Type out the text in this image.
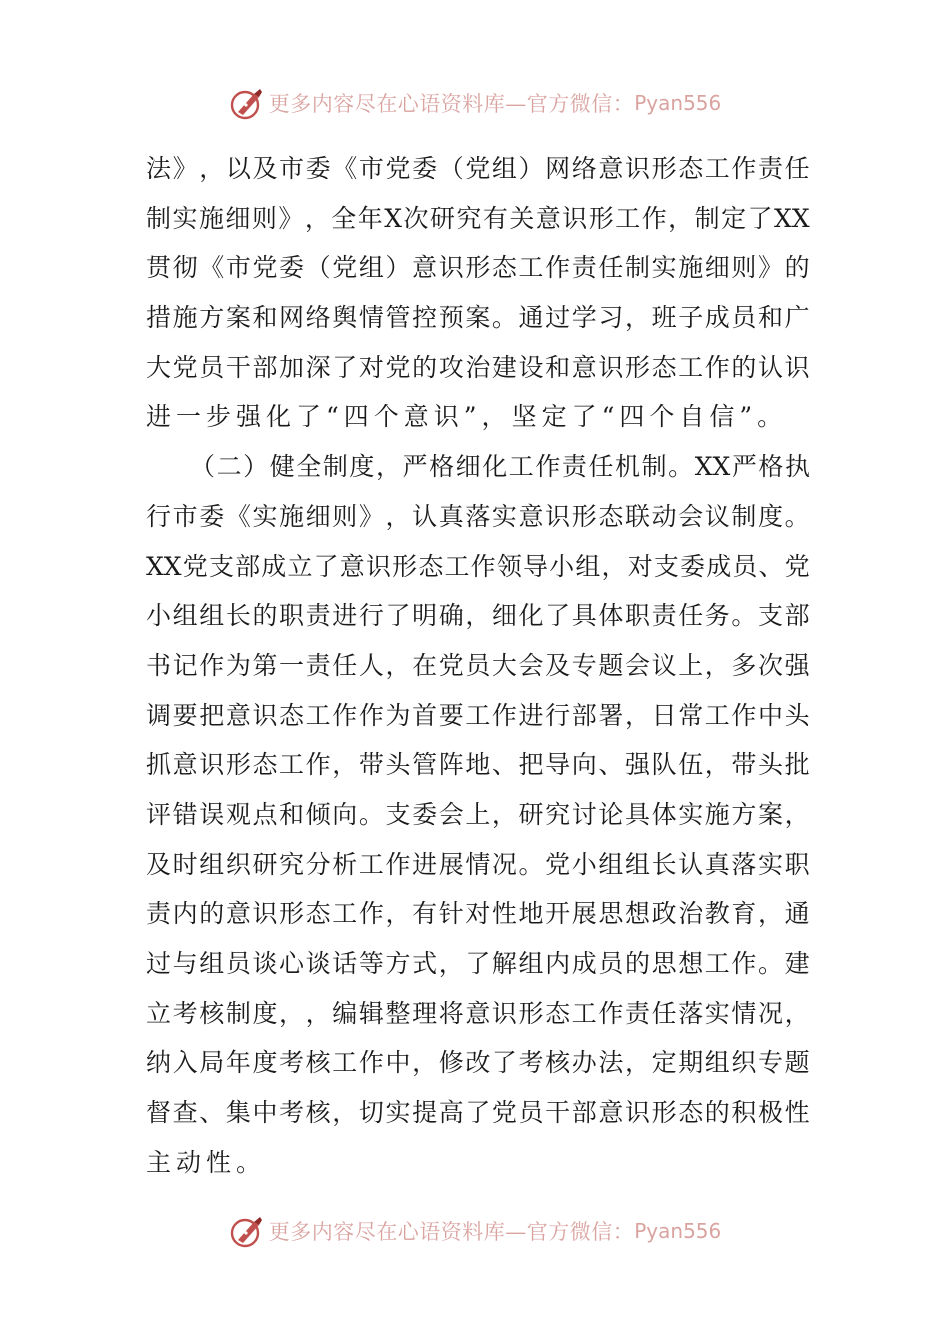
更多内容尽在心语资料库—官方微信： Pyan556
法 》 ， 以 及 市 委 《 市 党 委 （ 党 组 ） 网 络 意 识 形 态 工 作 责 任
制 实 施 细 则 》 ， 全 年 X 次 研 究 有 关 意 识 形 工 作 ， 制 定 了 XX
贯 彻 《 市 党 委 （ 党 组 ） 意 识 形 态 工 作 责 任 制 实 施 细 则 》 的
措 施 方 案 和 网 络 舆 情 管 控 预 案 。 通 过 学 习 ， 班 子 成 员 和 广
大 党 员 干 部 加 深 了 对 党 的 攻 治 建 设 和 意 识 形 态 工 作 的 认 识
进一步强化了“四个意识”，坚定了“四个自信”。
（ 二 ） 健 全 制 度 ， 严 格 细 化 工 作 责 任 机 制 。 XX 严 格 执
行 市 委 《 实 施 细 则 》 ， 认 真 落 实 意 识 形 态 联 动 会 议 制 度 。
XX 党 支 部 成 立 了 意 识 形 态 工 作 领 导 小 组 ， 对 支 委 成 员 、 党
小 组 组 长 的 职 责 进 行 了 明 确 ， 细 化 了 具 体 职 责 任 务 。 支 部
书 记 作 为 第 一 责 任 人 ， 在 党 员 大 会 及 专 题 会 议 上 ， 多 次 强
调 要 把 意 识 态 工 作 作 为 首 要 工 作 进 行 部 署 ， 日 常 工 作 中 头
抓 意 识 形 态 工 作 ， 带 头 管 阵 地 、 把 导 向 、 强 队 伍 ， 带 头 批
评 错 误 观 点 和 倾 向 。 支 委 会 上 ， 研 究 讨 论 具 体 实 施 方 案 ，
及 时 组 织 研 究 分 析 工 作 进 展 情 况 。 党 小 组 组 长 认 真 落 实 职
责 内 的 意 识 形 态 工 作 ， 有 针 对 性 地 开 展 思 想 政 治 教 育 ， 通
过 与 组 员 谈 心 谈 话 等 方 式 ， 了 解 组 内 成 员 的 思 想 工 作 。 建
立 考 核 制 度 ， ， 编 辑 整 理 将 意 识 形 态 工 作 责 任 落 实 情 况 ，
纳 入 局 年 度 考 核 工 作 中 ， 修 改 了 考 核 办 法 ， 定 期 组 织 专 题
督 查 、 集 中 考 核 ， 切 实 提 高 了 党 员 干 部 意 识 形 态 的 积 极 性
主动性。
更多内容尽在心语资料库—官方微信： Pyan556
